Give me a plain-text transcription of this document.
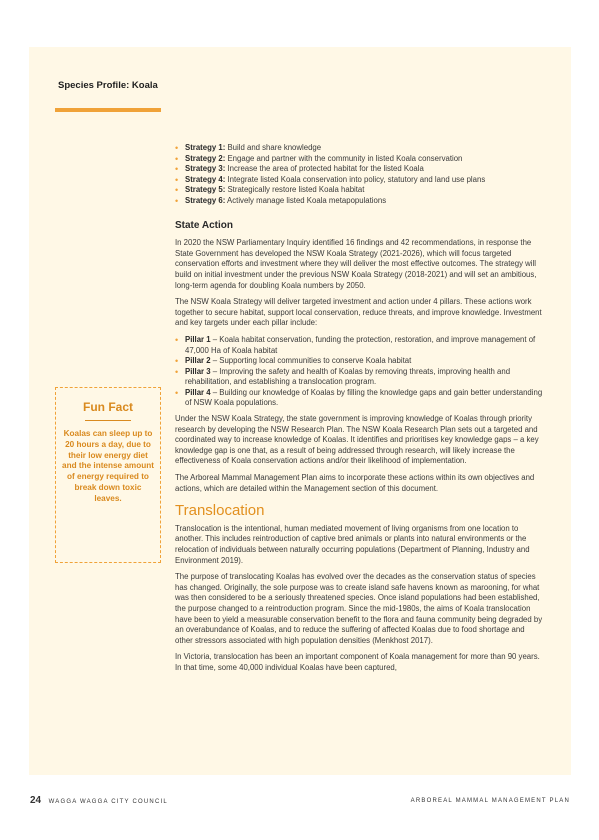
Species Profile: Koala
Fun Fact
Koalas can sleep up to 20 hours a day, due to their low energy diet and the intense amount of energy required to break down toxic leaves.
• Strategy 1: Build and share knowledge
• Strategy 2: Engage and partner with the community in listed Koala conservation
• Strategy 3: Increase the area of protected habitat for the listed Koala
• Strategy 4: Integrate listed Koala conservation into policy, statutory and land use plans
• Strategy 5: Strategically restore listed Koala habitat
• Strategy 6: Actively manage listed Koala metapopulations
State Action

In 2020 the NSW Parliamentary Inquiry identified 16 findings and 42 recommendations, in response the State Government has developed the NSW Koala Strategy (2021-2026), which will focus targeted conservation efforts and investment where they will deliver the most effective outcomes. The strategy will build on initial investment under the previous NSW Koala Strategy (2018-2021) and will set an ambitious, long-term agenda for doubling Koala numbers by 2050.

The NSW Koala Strategy will deliver targeted investment and action under 4 pillars. These actions work together to secure habitat, support local conservation, reduce threats, and improve knowledge. Investment and key targets under each pillar include:

• Pillar 1 – Koala habitat conservation, funding the protection, restoration, and improve management of 47,000 Ha of Koala habitat
• Pillar 2 – Supporting local communities to conserve Koala habitat
• Pillar 3 – Improving the safety and health of Koalas by removing threats, improving health and rehabilitation, and establishing a translocation program.
• Pillar 4 – Building our knowledge of Koalas by filling the knowledge gaps and gain better understanding of NSW Koala populations.

Under the NSW Koala Strategy, the state government is improving knowledge of Koalas through priority research by developing the NSW Research Plan. The NSW Koala Research Plan sets out a targeted and coordinated way to increase knowledge of Koalas. It identifies and prioritises key knowledge gaps – a key knowledge gap is one that, as a result of being addressed through research, will likely increase the effectiveness of Koala conservation actions and/or their likelihood of implementation.

The Arboreal Mammal Management Plan aims to incorporate these actions within its own objectives and actions, which are detailed within the Management section of this document.

Translocation

Translocation is the intentional, human mediated movement of living organisms from one location to another. This includes reintroduction of captive bred animals or plants into natural environments or the relocation of individuals between naturally occurring populations (Department of Planning, Industry and Environment 2019).

The purpose of translocating Koalas has evolved over the decades as the conservation status of species has changed. Originally, the sole purpose was to create island safe havens known as marooning, for what was then considered to be a seriously threatened species. Once island populations had been established, the purpose changed to a reintroduction program. Since the mid-1980s, the aims of Koala translocation have been to yield a measurable conservation benefit to the flora and fauna community being degraded by an overabundance of Koalas, and to reduce the suffering of affected Koalas due to food shortage and other stressors associated with high population densities (Menkhost 2017).

In Victoria, translocation has been an important component of Koala management for more than 90 years. In that time, some 40,000 individual Koalas have been captured,

24 WAGGA WAGGA CITY COUNCIL	ARBOREAL MAMMAL MANAGEMENT PLAN
